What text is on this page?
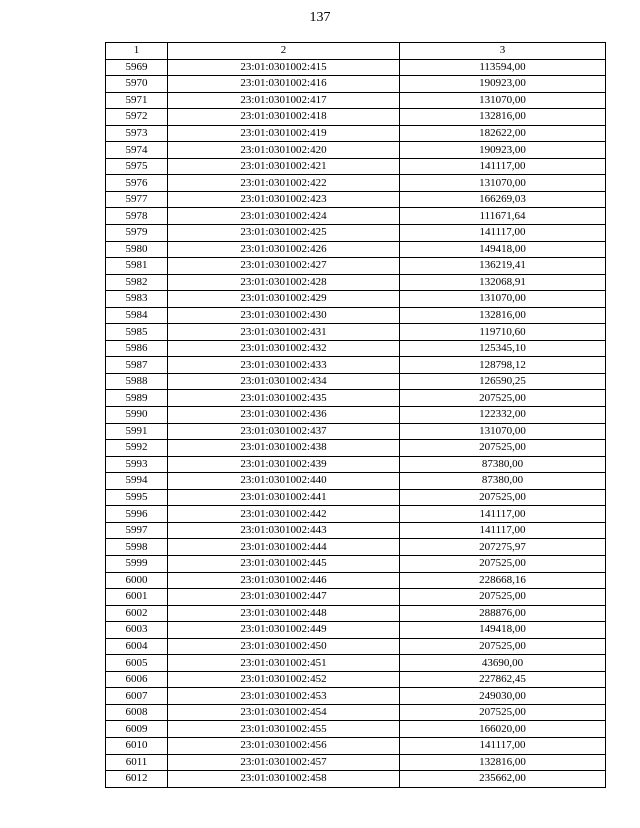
137
1	2	3
5969	23:01:0301002:415	113594,00
5970	23:01:0301002:416	190923,00
5971	23:01:0301002:417	131070,00
5972	23:01:0301002:418	132816,00
5973	23:01:0301002:419	182622,00
5974	23:01:0301002:420	190923,00
5975	23:01:0301002:421	141117,00
5976	23:01:0301002:422	131070,00
5977	23:01:0301002:423	166269,03
5978	23:01:0301002:424	111671,64
5979	23:01:0301002:425	141117,00
5980	23:01:0301002:426	149418,00
5981	23:01:0301002:427	136219,41
5982	23:01:0301002:428	132068,91
5983	23:01:0301002:429	131070,00
5984	23:01:0301002:430	132816,00
5985	23:01:0301002:431	119710,60
5986	23:01:0301002:432	125345,10
5987	23:01:0301002:433	128798,12
5988	23:01:0301002:434	126590,25
5989	23:01:0301002:435	207525,00
5990	23:01:0301002:436	122332,00
5991	23:01:0301002:437	131070,00
5992	23:01:0301002:438	207525,00
5993	23:01:0301002:439	87380,00
5994	23:01:0301002:440	87380,00
5995	23:01:0301002:441	207525,00
5996	23:01:0301002:442	141117,00
5997	23:01:0301002:443	141117,00
5998	23:01:0301002:444	207275,97
5999	23:01:0301002:445	207525,00
6000	23:01:0301002:446	228668,16
6001	23:01:0301002:447	207525,00
6002	23:01:0301002:448	288876,00
6003	23:01:0301002:449	149418,00
6004	23:01:0301002:450	207525,00
6005	23:01:0301002:451	43690,00
6006	23:01:0301002:452	227862,45
6007	23:01:0301002:453	249030,00
6008	23:01:0301002:454	207525,00
6009	23:01:0301002:455	166020,00
6010	23:01:0301002:456	141117,00
6011	23:01:0301002:457	132816,00
6012	23:01:0301002:458	235662,00
